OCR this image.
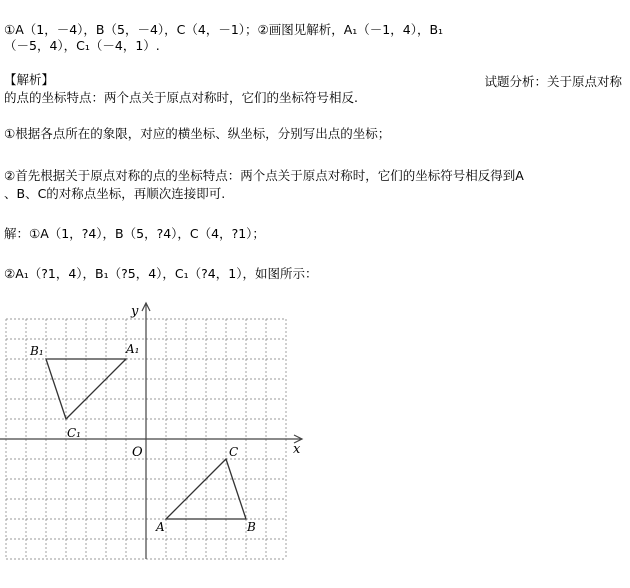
①A（1，－4），B（5，－4），C（4，－1）；②画图见解析，A₁（－1，4），B₁
（－5，4），C₁（－4，1）.
【解析】	试题分析：关于原点对称
的点的坐标特点：两个点关于原点对称时，它们的坐标符号相反.
①根据各点所在的象限，对应的横坐标、纵坐标，分别写出点的坐标；
②首先根据关于原点对称的点的坐标特点：两个点关于原点对称时，它们的坐标符号相反得到A
、B、C的对称点坐标，再顺次连接即可.
解：①A（1，?4），B（5，?4），C（4，?1）；
②A₁（?1，4），B₁（?5，4），C₁（?4，1），如图所示：
x
y
O
A₁
B₁
C₁
C
A	B
